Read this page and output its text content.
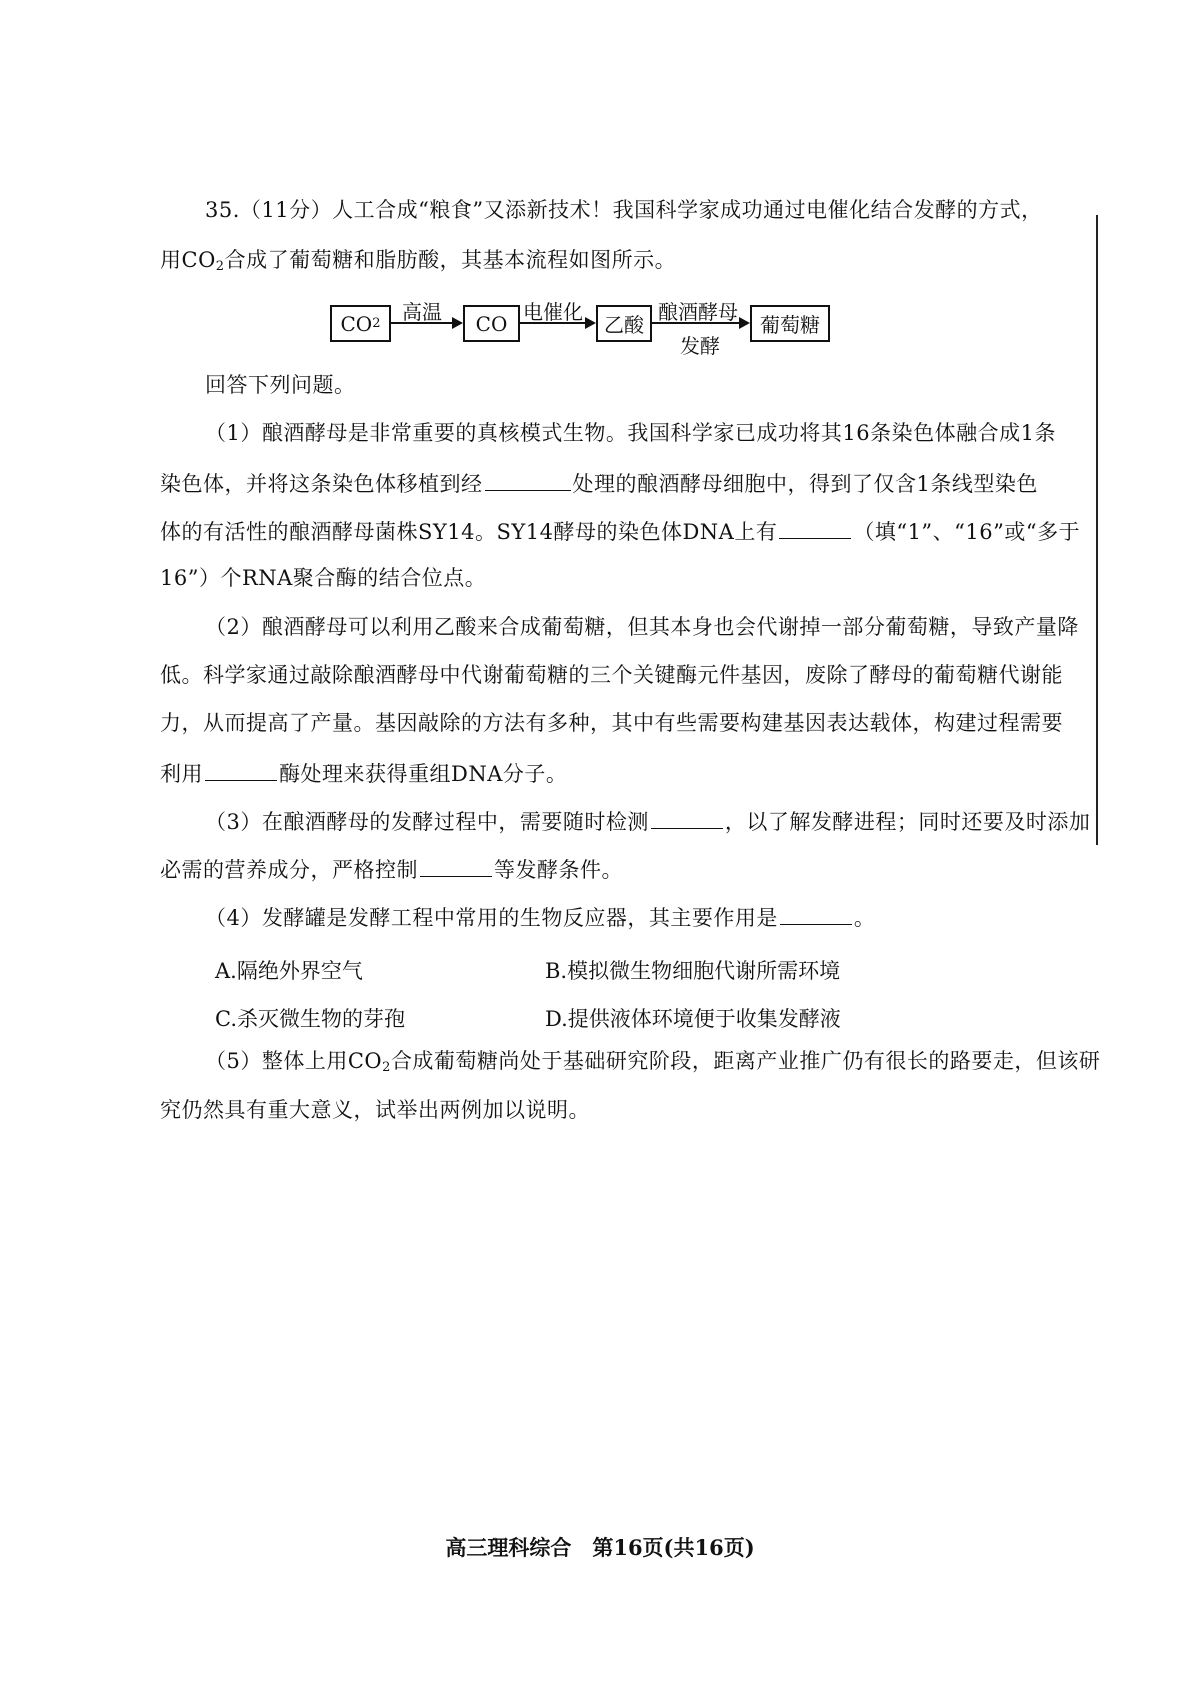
35.（11分）人工合成“粮食”又添新技术！我国科学家成功通过电催化结合发酵的方式，
用$CO_2$合成了葡萄糖和脂肪酸，其基本流程如图所示。
CO 2 高温	CO 电催化
乙酸
酿酒酵母
发酵
葡萄糖
回答下列问题。
（1）酿酒酵母是非常重要的真核模式生物。我国科学家已成功将其16条染色体融合成1条
染色体，并将这条染色体移植到经	处理的酿酒酵母细胞中，得到了仅含1条线型染色
体的有活性的酿酒酵母菌株SY14。SY14酵母的染色体DNA上有	（填“1”、“16”或“多于
16”）个RNA聚合酶的结合位点。
（2）酿酒酵母可以利用乙酸来合成葡萄糖，但其本身也会代谢掉一部分葡萄糖，导致产量降
低。科学家通过敲除酿酒酵母中代谢葡萄糖的三个关键酶元件基因，废除了酵母的葡萄糖代谢能
力，从而提高了产量。基因敲除的方法有多种，其中有些需要构建基因表达载体，构建过程需要
利用	酶处理来获得重组DNA分子。
（3）在酿酒酵母的发酵过程中，需要随时检测	，以了解发酵进程；同时还要及时添加
必需的营养成分，严格控制	等发酵条件。
（4）发酵罐是发酵工程中常用的生物反应器，其主要作用是	。
A.隔绝外界空气	B.模拟微生物细胞代谢所需环境
C.杀灭微生物的芽孢	D.提供液体环境便于收集发酵液
（5）整体上用$CO_2$合成葡萄糖尚处于基础研究阶段，距离产业推广仍有很长的路要走，但该研
究仍然具有重大意义，试举出两例加以说明。
高三理科综合　第16页(共16页)
